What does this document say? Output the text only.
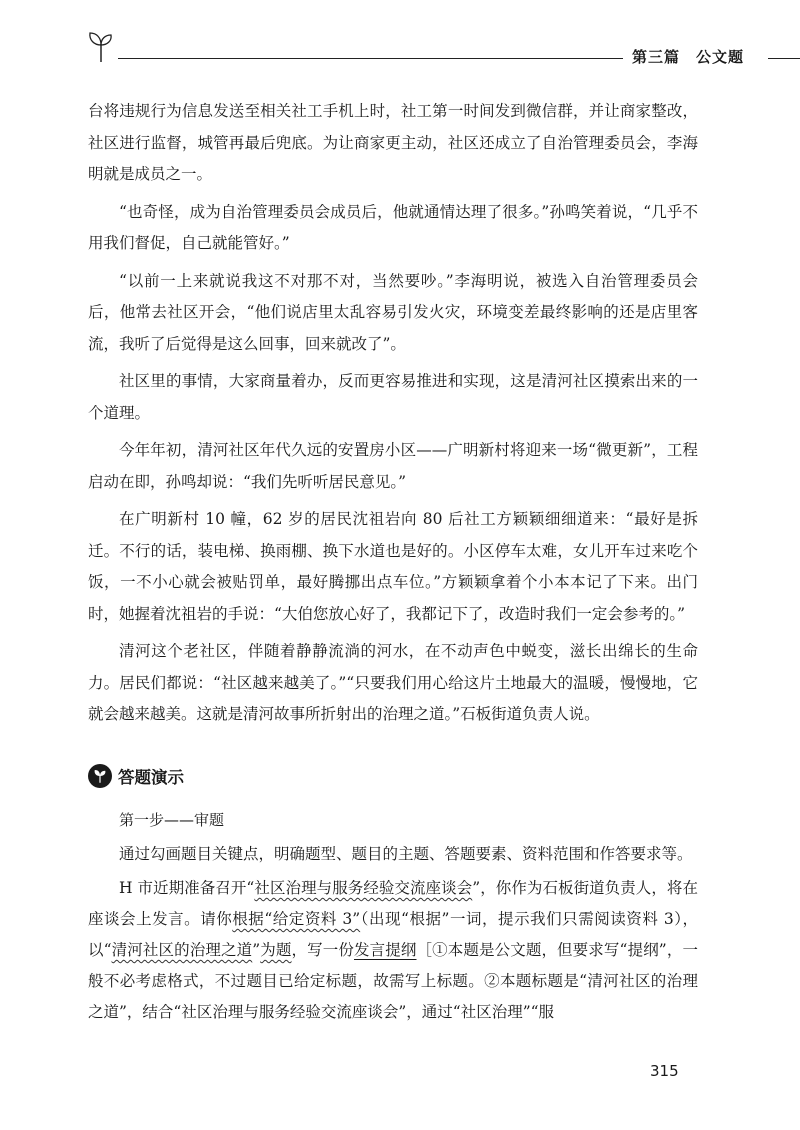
第三篇　公文题

台将违规行为信息发送至相关社工手机上时，社工第一时间发到微信群，并让商家整改，社区进行监督，城管再最后兜底。为让商家更主动，社区还成立了自治管理委员会，李海明就是成员之一。

“也奇怪，成为自治管理委员会成员后，他就通情达理了很多。”孙鸣笑着说，“几乎不用我们督促，自己就能管好。”

“以前一上来就说我这不对那不对，当然要吵。”李海明说，被选入自治管理委员会后，他常去社区开会，“他们说店里太乱容易引发火灾，环境变差最终影响的还是店里客流，我听了后觉得是这么回事，回来就改了”。

社区里的事情，大家商量着办，反而更容易推进和实现，这是清河社区摸索出来的一个道理。

今年年初，清河社区年代久远的安置房小区——广明新村将迎来一场“微更新”，工程启动在即，孙鸣却说：“我们先听听居民意见。”

在广明新村 10 幢，62 岁的居民沈祖岩向 80 后社工方颖颖细细道来：“最好是拆迁。不行的话，装电梯、换雨棚、换下水道也是好的。小区停车太难，女儿开车过来吃个饭，一不小心就会被贴罚单，最好腾挪出点车位。”方颖颖拿着个小本本记了下来。出门时，她握着沈祖岩的手说：“大伯您放心好了，我都记下了，改造时我们一定会参考的。”

清河这个老社区，伴随着静静流淌的河水，在不动声色中蜕变，滋长出绵长的生命力。居民们都说：“社区越来越美了。”“只要我们用心给这片土地最大的温暖，慢慢地，它就会越来越美。这就是清河故事所折射出的治理之道。”石板街道负责人说。

答题演示

第一步——审题

通过勾画题目关键点，明确题型、题目的主题、答题要素、资料范围和作答要求等。

H 市近期准备召开“社区治理与服务经验交流座谈会”，你作为石板街道负责人，将在座谈会上发言。请你根据“给定资料 3”（出现“根据”一词，提示我们只需阅读资料 3），以“清河社区的治理之道”为题，写一份发言提纲［①本题是公文题，但要求写“提纲”，一般不必考虑格式，不过题目已给定标题，故需写上标题。②本题标题是“清河社区的治理之道”，结合“社区治理与服务经验交流座谈会”，通过“社区治理”“服

315
